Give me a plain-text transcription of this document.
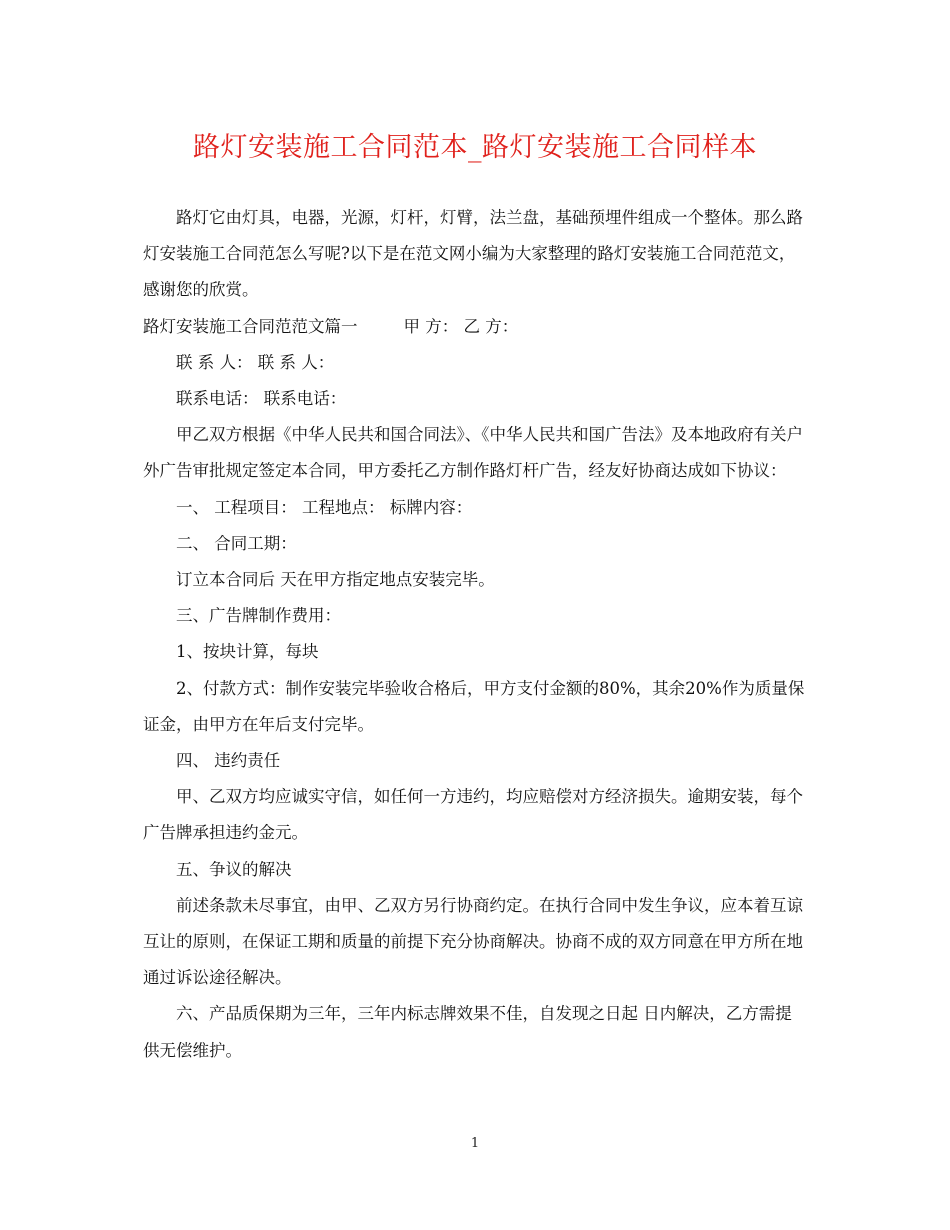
路灯安装施工合同范本_路灯安装施工合同样本

路灯它由灯具，电器，光源，灯杆，灯臂，法兰盘，基础预埋件组成一个整体。那么路灯安装施工合同范怎么写呢?以下是在范文网小编为大家整理的路灯安装施工合同范范文，感谢您的欣赏。

路灯安装施工合同范范文篇一	甲 方： 乙 方：

联 系 人： 联 系 人：

联系电话： 联系电话：

甲乙双方根据《中华人民共和国合同法》、《中华人民共和国广告法》及本地政府有关户外广告审批规定签定本合同，甲方委托乙方制作路灯杆广告，经友好协商达成如下协议：

一、 工程项目： 工程地点： 标牌内容：

二、 合同工期：

订立本合同后 天在甲方指定地点安装完毕。

三、广告牌制作费用：

1、按块计算，每块

2、付款方式：制作安装完毕验收合格后，甲方支付金额的80%，其余20%作为质量保证金，由甲方在年后支付完毕。

四、 违约责任

甲、乙双方均应诚实守信，如任何一方违约，均应赔偿对方经济损失。逾期安装，每个广告牌承担违约金元。

五、争议的解决

前述条款未尽事宜，由甲、乙双方另行协商约定。在执行合同中发生争议，应本着互谅互让的原则，在保证工期和质量的前提下充分协商解决。协商不成的双方同意在甲方所在地通过诉讼途径解决。

六、产品质保期为三年，三年内标志牌效果不佳，自发现之日起 日内解决，乙方需提供无偿维护。

1
